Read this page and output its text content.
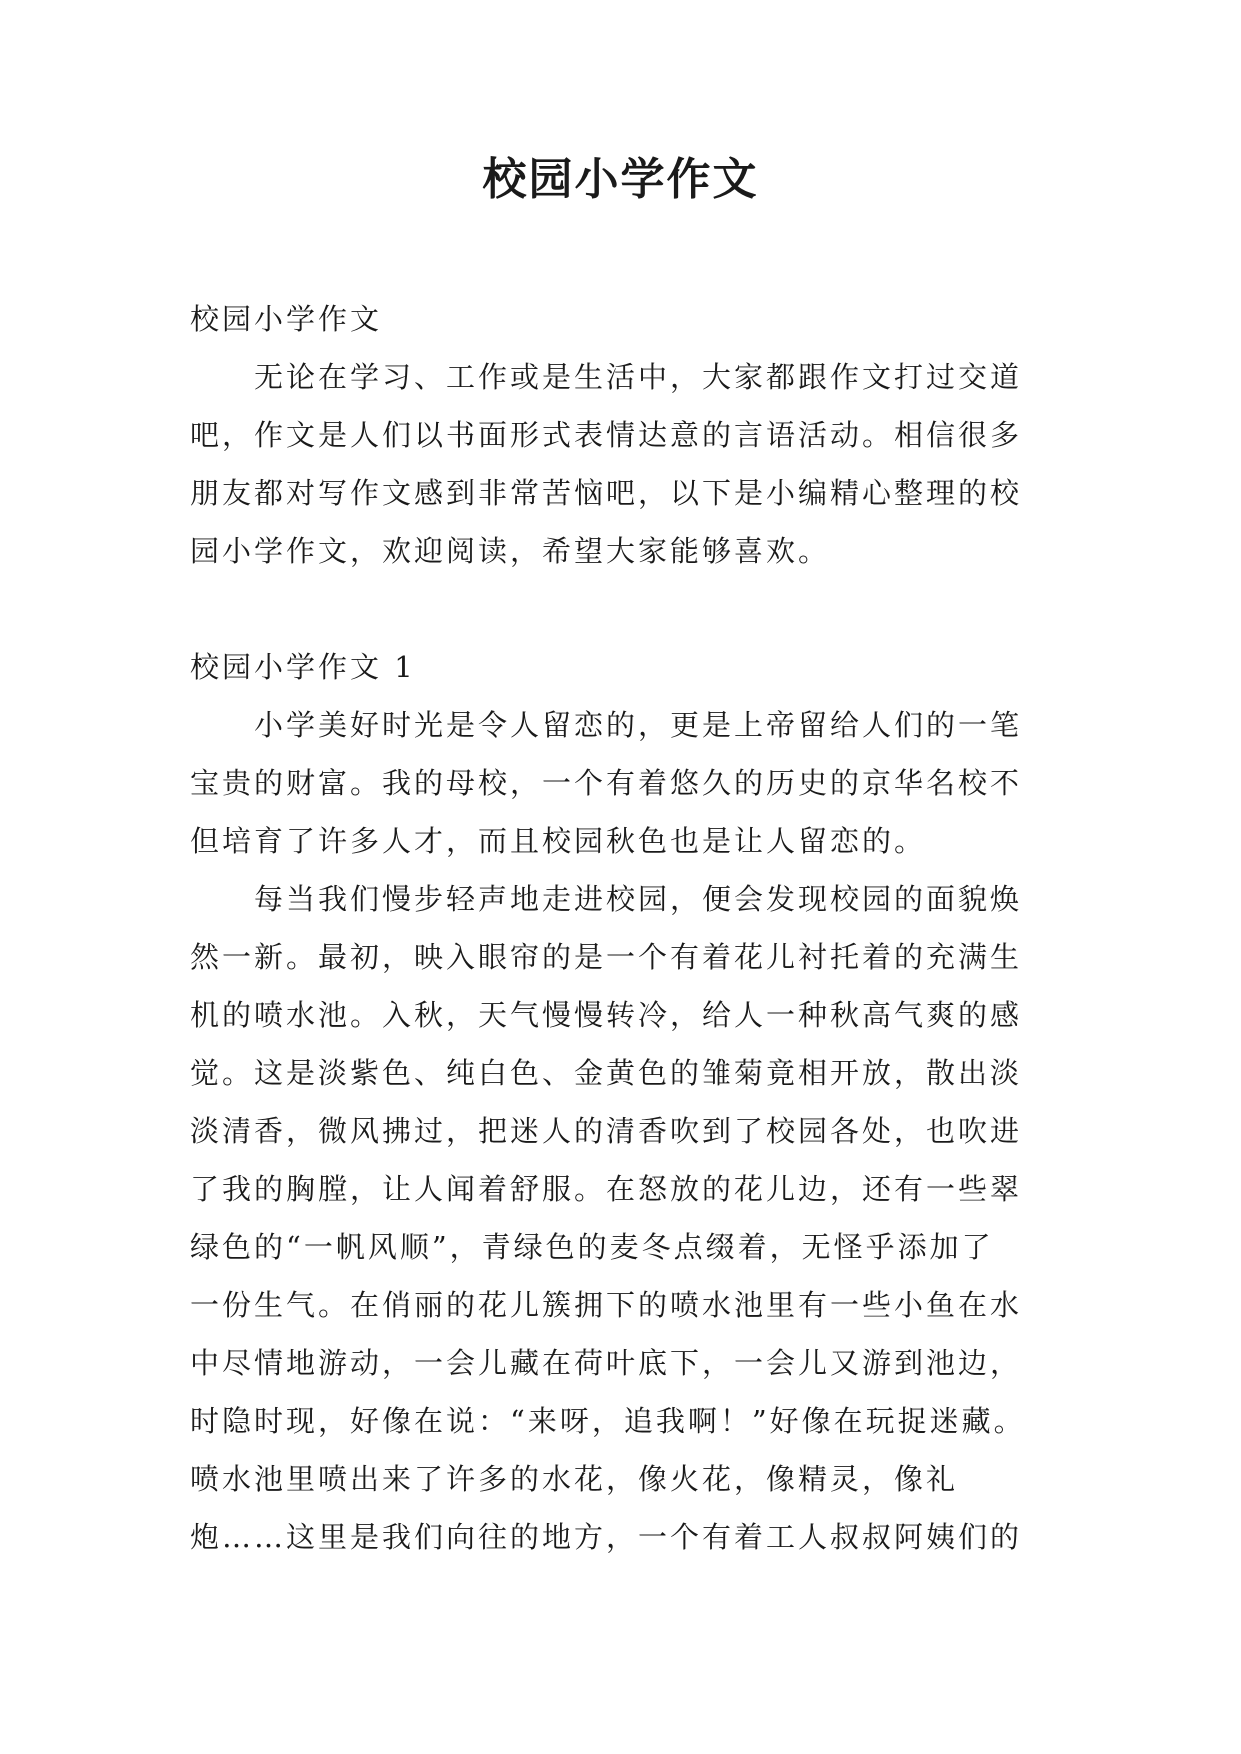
校园小学作文
校园小学作文
无论在学习、工作或是生活中，大家都跟作文打过交道
吧，作文是人们以书面形式表情达意的言语活动。相信很多
朋友都对写作文感到非常苦恼吧，以下是小编精心整理的校
园小学作文，欢迎阅读，希望大家能够喜欢。
校园小学作文 1
小学美好时光是令人留恋的，更是上帝留给人们的一笔
宝贵的财富。我的母校，一个有着悠久的历史的京华名校不
但培育了许多人才，而且校园秋色也是让人留恋的。
每当我们慢步轻声地走进校园，便会发现校园的面貌焕
然一新。最初，映入眼帘的是一个有着花儿衬托着的充满生
机的喷水池。入秋，天气慢慢转冷，给人一种秋高气爽的感
觉。这是淡紫色、纯白色、金黄色的雏菊竟相开放，散出淡
淡清香，微风拂过，把迷人的清香吹到了校园各处，也吹进
了我的胸膛，让人闻着舒服。在怒放的花儿边，还有一些翠
绿色的“一帆风顺”，青绿色的麦冬点缀着，无怪乎添加了
一份生气。在俏丽的花儿簇拥下的喷水池里有一些小鱼在水
中尽情地游动，一会儿藏在荷叶底下，一会儿又游到池边，
时隐时现，好像在说：“来呀，追我啊！”好像在玩捉迷藏。
喷水池里喷出来了许多的水花，像火花，像精灵，像礼
炮……这里是我们向往的地方，一个有着工人叔叔阿姨们的
